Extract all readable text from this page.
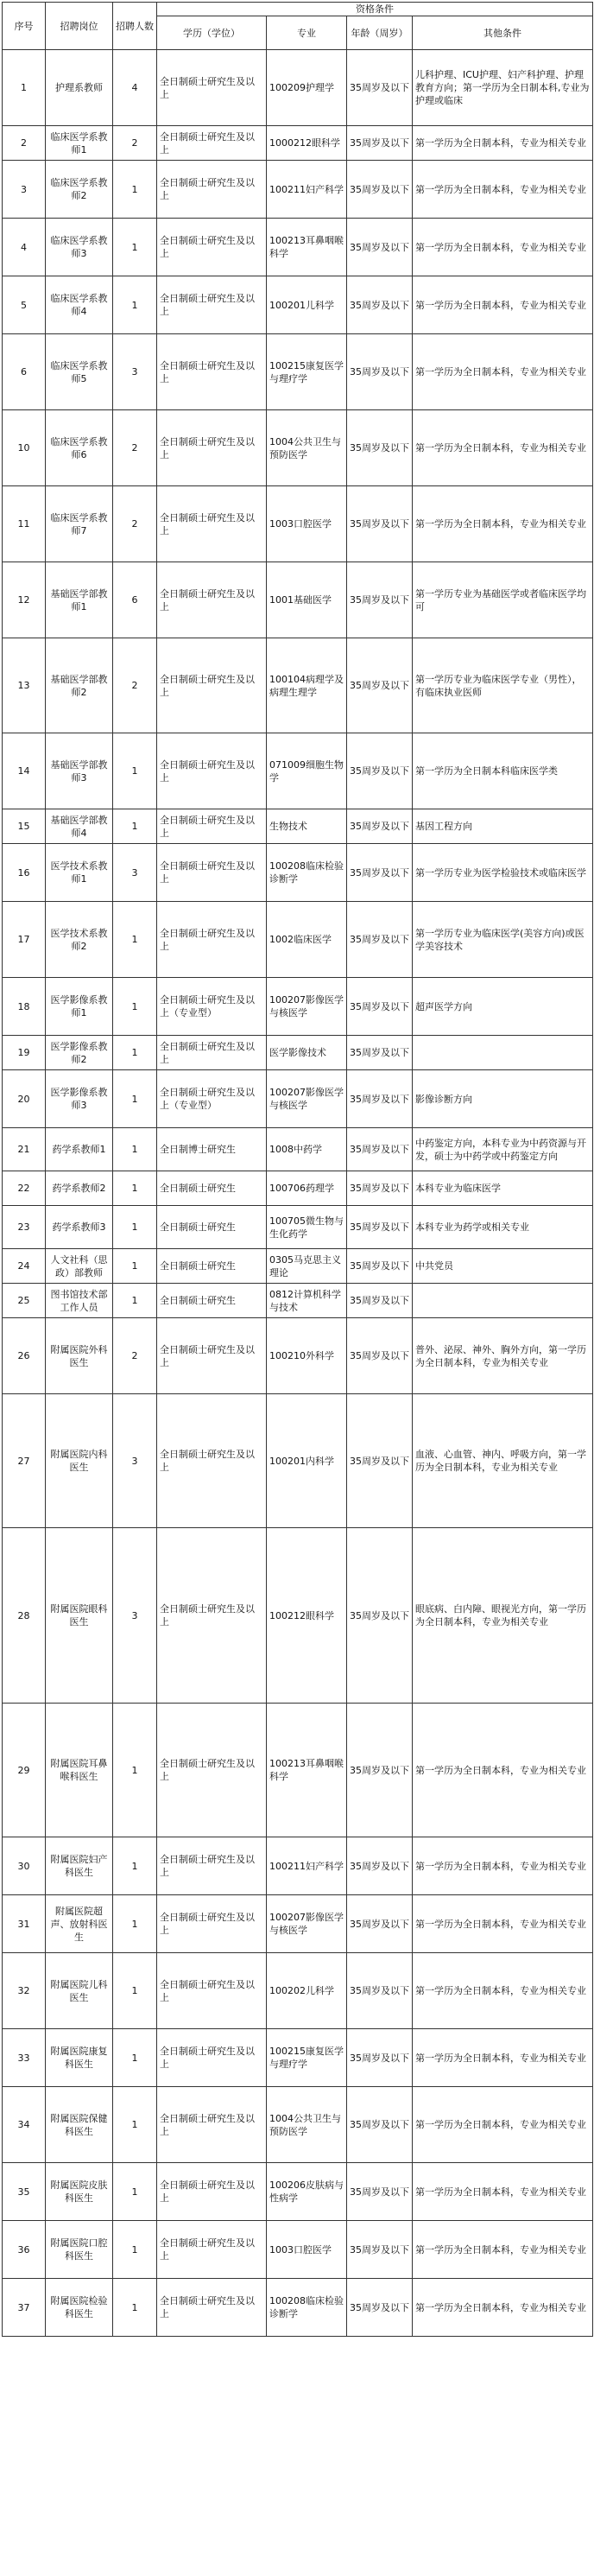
序号	招聘岗位	招聘人数	资格条件			
			学历（学位）	专业	年龄（周岁）	其他条件
1	护理系教师	4	全日制硕士研究生及以上	100209护理学	35周岁及以下	儿科护理、ICU护理、妇产科护理、护理教育方向；第一学历为全日制本科,专业为护理或临床
2	临床医学系教师1	2	全日制硕士研究生及以上	1000212眼科学	35周岁及以下	第一学历为全日制本科，专业为相关专业
3	临床医学系教师2	1	全日制硕士研究生及以上	100211妇产科学	35周岁及以下	第一学历为全日制本科，专业为相关专业
4	临床医学系教师3	1	全日制硕士研究生及以上	100213耳鼻咽喉科学	35周岁及以下	第一学历为全日制本科，专业为相关专业
5	临床医学系教师4	1	全日制硕士研究生及以上	100201儿科学	35周岁及以下	第一学历为全日制本科，专业为相关专业
6	临床医学系教师5	3	全日制硕士研究生及以上	100215康复医学与理疗学	35周岁及以下	第一学历为全日制本科，专业为相关专业
10	临床医学系教师6	2	全日制硕士研究生及以上	1004公共卫生与预防医学	35周岁及以下	第一学历为全日制本科，专业为相关专业
11	临床医学系教师7	2	全日制硕士研究生及以上	1003口腔医学	35周岁及以下	第一学历为全日制本科，专业为相关专业
12	基础医学部教师1	6	全日制硕士研究生及以上	1001基础医学	35周岁及以下	第一学历专业为基础医学或者临床医学均可
13	基础医学部教师2	2	全日制硕士研究生及以上	100104病理学及病理生理学	35周岁及以下	第一学历专业为临床医学专业（男性），有临床执业医师
14	基础医学部教师3	1	全日制硕士研究生及以上	071009细胞生物学	35周岁及以下	第一学历为全日制本科临床医学类
15	基础医学部教师4	1	全日制硕士研究生及以上	生物技术	35周岁及以下	基因工程方向
16	医学技术系教师1	3	全日制硕士研究生及以上	100208临床检验诊断学	35周岁及以下	第一学历专业为医学检验技术或临床医学
17	医学技术系教师2	1	全日制硕士研究生及以上	1002临床医学	35周岁及以下	第一学历专业为临床医学(美容方向)或医学美容技术
18	医学影像系教师1	1	全日制硕士研究生及以上（专业型）	100207影像医学与核医学	35周岁及以下	超声医学方向
19	医学影像系教师2	1	全日制硕士研究生及以上	医学影像技术	35周岁及以下	
20	医学影像系教师3	1	全日制硕士研究生及以上（专业型）	100207影像医学与核医学	35周岁及以下	影像诊断方向
21	药学系教师1	1	全日制博士研究生	1008中药学	35周岁及以下	中药鉴定方向，本科专业为中药资源与开发，硕士为中药学或中药鉴定方向
22	药学系教师2	1	全日制硕士研究生	100706药理学	35周岁及以下	本科专业为临床医学
23	药学系教师3	1	全日制硕士研究生	100705微生物与生化药学	35周岁及以下	本科专业为药学或相关专业
24	人文社科（思政）部教师	1	全日制硕士研究生	0305马克思主义理论	35周岁及以下	中共党员
25	图书馆技术部工作人员	1	全日制硕士研究生	0812计算机科学与技术	35周岁及以下	
26	附属医院外科医生	2	全日制硕士研究生及以上	100210外科学	35周岁及以下	普外、泌尿、神外、胸外方向，第一学历为全日制本科，专业为相关专业
27	附属医院内科医生	3	全日制硕士研究生及以上	100201内科学	35周岁及以下	血液、心血管、神内、呼吸方向，第一学历为全日制本科，专业为相关专业
28	附属医院眼科医生	3	全日制硕士研究生及以上	100212眼科学	35周岁及以下	眼底病、白内障、眼视光方向，第一学历为全日制本科，专业为相关专业
29	附属医院耳鼻喉科医生	1	全日制硕士研究生及以上	100213耳鼻咽喉科学	35周岁及以下	第一学历为全日制本科，专业为相关专业
30	附属医院妇产科医生	1	全日制硕士研究生及以上	100211妇产科学	35周岁及以下	第一学历为全日制本科，专业为相关专业
31	附属医院超声、放射科医生	1	全日制硕士研究生及以上	100207影像医学与核医学	35周岁及以下	第一学历为全日制本科，专业为相关专业
32	附属医院儿科医生	1	全日制硕士研究生及以上	100202儿科学	35周岁及以下	第一学历为全日制本科，专业为相关专业
33	附属医院康复科医生	1	全日制硕士研究生及以上	100215康复医学与理疗学	35周岁及以下	第一学历为全日制本科，专业为相关专业
34	附属医院保健科医生	1	全日制硕士研究生及以上	1004公共卫生与预防医学	35周岁及以下	第一学历为全日制本科，专业为相关专业
35	附属医院皮肤科医生	1	全日制硕士研究生及以上	100206皮肤病与性病学	35周岁及以下	第一学历为全日制本科，专业为相关专业
36	附属医院口腔科医生	1	全日制硕士研究生及以上	1003口腔医学	35周岁及以下	第一学历为全日制本科，专业为相关专业
37	附属医院检验科医生	1	全日制硕士研究生及以上	100208临床检验诊断学	35周岁及以下	第一学历为全日制本科，专业为相关专业
